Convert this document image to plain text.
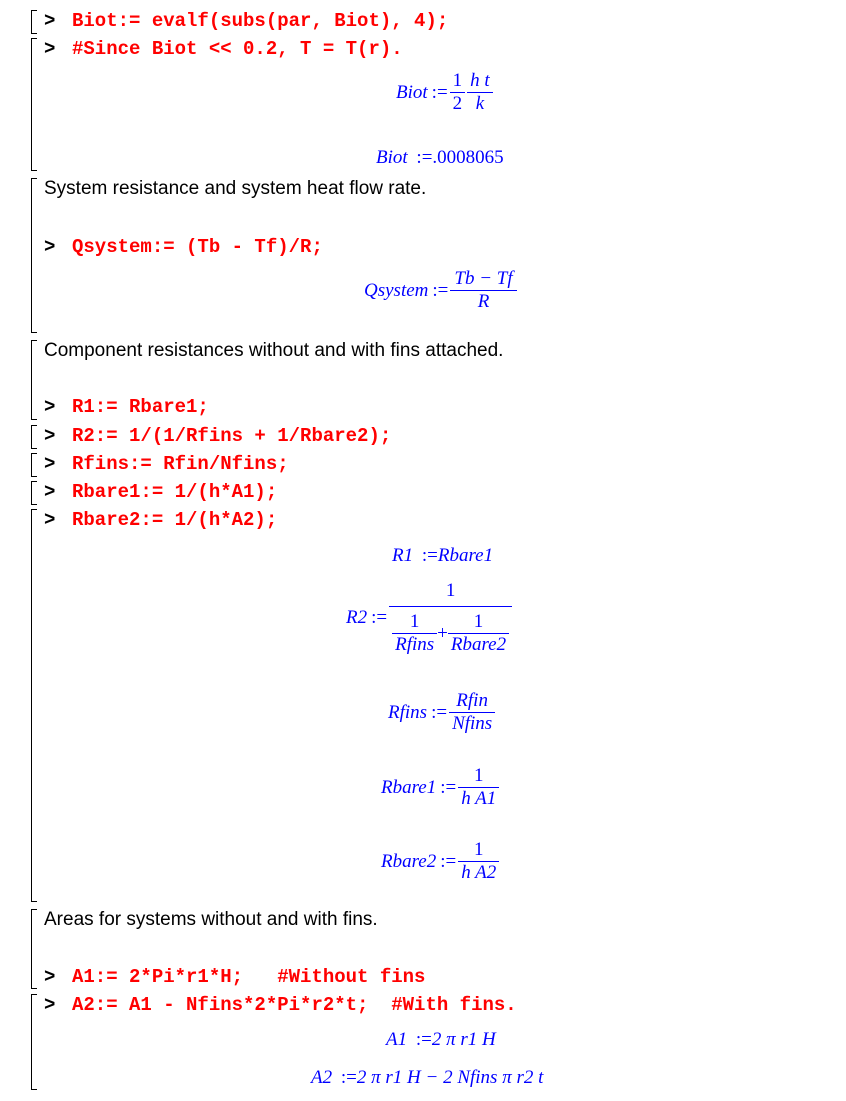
> Biot:= evalf(subs(par, Biot), 4);
> #Since Biot << 0.2, T = T(r).
Biot := $\frac{1}{2} \frac{\text{h t}}{k}$
Biot :=.0008065
System resistance and system heat flow rate.
> Qsystem:= (Tb - Tf)/R;
Qsystem := $\frac{Tb - Tf}{R}$
Component resistances without and with fins attached.
> R1:= Rbare1;
> R2:= 1/(1/Rfins + 1/Rbare2);
> Rfins:= Rfin/Nfins;
> Rbare1:= 1/(h*A1);
> Rbare2:= 1/(h*A2);
R1 :=Rbare1
R2 :=
1
$\frac{1}{\text{Rfins}} + \frac{1}{\text{Rbare2}}$
Rfins := $\frac{\text{Rfin}}{\text{Nfins}}$
Rbare1 := $\frac{1}{\text{h A1}}$
Rbare2 := $\frac{1}{\text{h A2}}$
Areas for systems without and with fins.
> A1:= 2*Pi*r1*H;   #Without fins
> A2:= A1 - Nfins*2*Pi*r2*t;  #With fins.
A1 :=2 π r1 H
A2 :=2 π r1 H − 2 Nfins π r2 t
